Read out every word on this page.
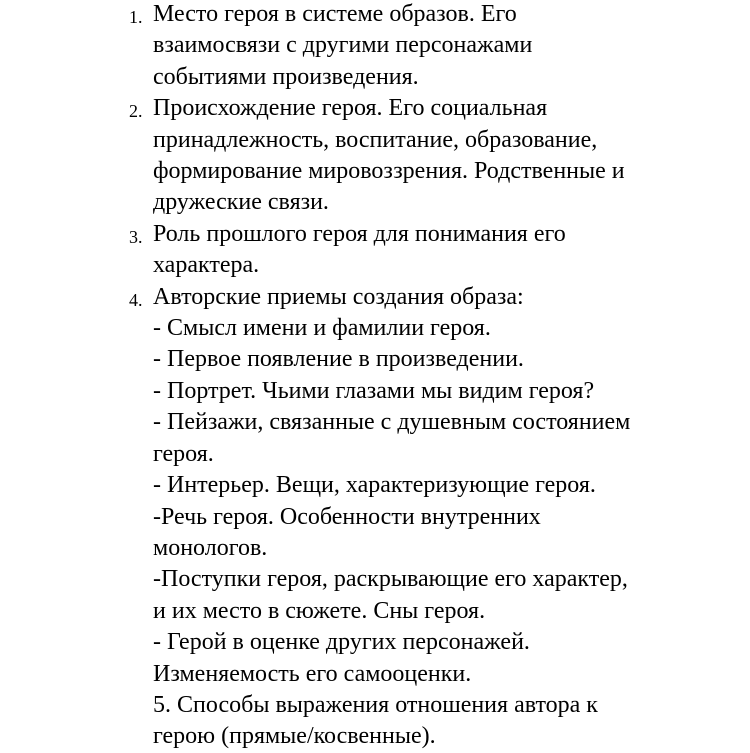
1. Место героя в системе образов. Его
взаимосвязи с другими персонажами
событиями произведения.
2. Происхождение героя. Его социальная
принадлежность, воспитание, образование,
формирование мировоззрения. Родственные и
дружеские связи.
3. Роль прошлого героя для понимания его
характера.
4. Авторские приемы создания образа:
- Смысл имени и фамилии героя.
- Первое появление в произведении.
- Портрет. Чьими глазами мы видим героя?
- Пейзажи, связанные с душевным состоянием
героя.
- Интерьер. Вещи, характеризующие героя.
-Речь героя. Особенности внутренних
монологов.
-Поступки героя, раскрывающие его характер,
и их место в сюжете. Сны героя.
- Герой в оценке других персонажей.
Изменяемость его самооценки.
5. Способы выражения отношения автора к
герою (прямые/косвенные).
